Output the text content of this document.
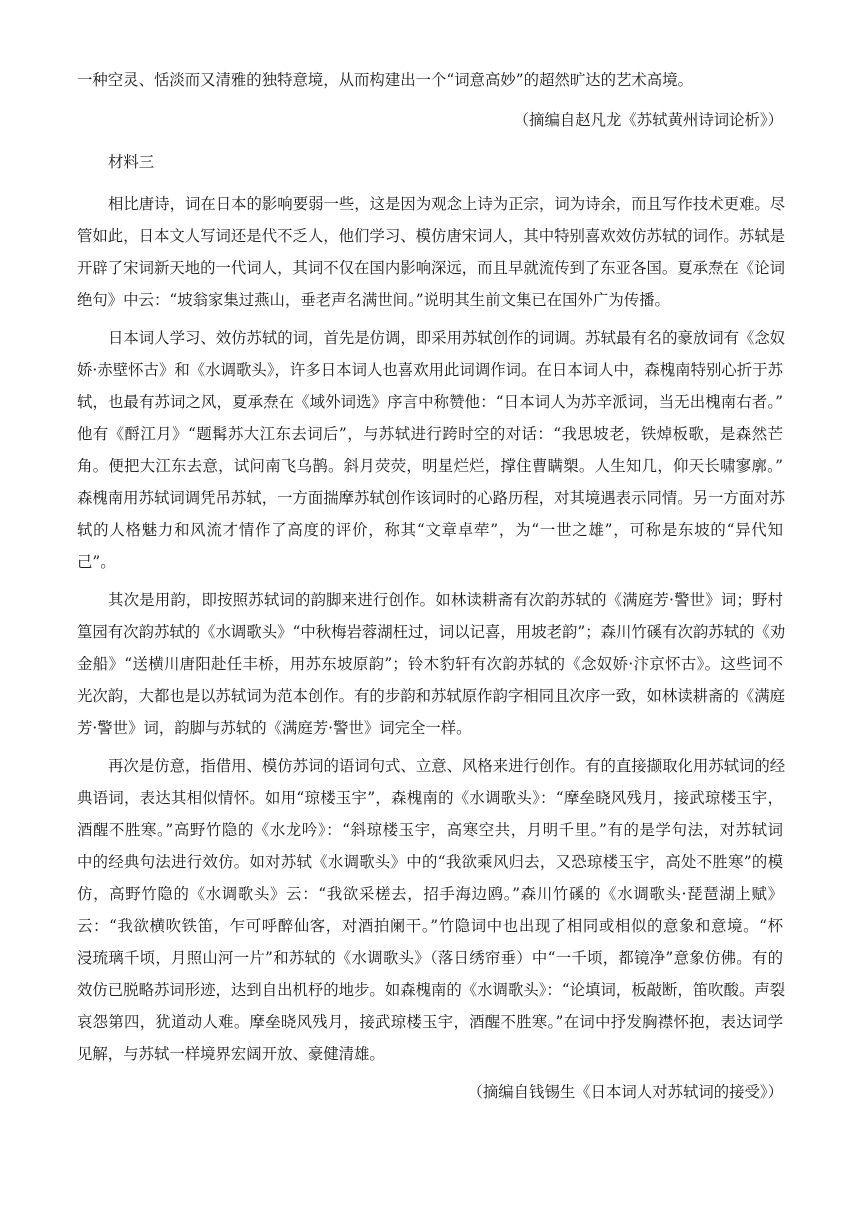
一种空灵、恬淡而又清雅的独特意境，从而构建出一个“词意高妙”的超然旷达的艺术高境。
（摘编自赵凡龙《苏轼黄州诗词论析》）
材料三
相比唐诗，词在日本的影响要弱一些，这是因为观念上诗为正宗，词为诗余，而且写作技术更难。尽
管如此，日本文人写词还是代不乏人，他们学习、模仿唐宋词人，其中特别喜欢效仿苏轼的词作。苏轼是
开辟了宋词新天地的一代词人，其词不仅在国内影响深远，而且早就流传到了东亚各国。夏承焘在《论词
绝句》中云：“坡翁家集过燕山，垂老声名满世间。”说明其生前文集已在国外广为传播。
日本词人学习、效仿苏轼的词，首先是仿调，即采用苏轼创作的词调。苏轼最有名的豪放词有《念奴
娇·赤壁怀古》和《水调歌头》，许多日本词人也喜欢用此词调作词。在日本词人中，森槐南特别心折于苏
轼，也最有苏词之风，夏承焘在《域外词选》序言中称赞他：“日本词人为苏辛派词，当无出槐南右者。”
他有《酹江月》“题髯苏大江东去词后”，与苏轼进行跨时空的对话：“我思坡老，铁焯板歌，是森然芒
角。便把大江东去意，试问南飞乌鹊。斜月荧荧，明星烂烂，撑住曹瞒槊。人生知几，仰天长啸寥廓。”
森槐南用苏轼词调凭吊苏轼，一方面揣摩苏轼创作该词时的心路历程，对其境遇表示同情。另一方面对苏
轼的人格魅力和风流才情作了高度的评价，称其“文章卓荦”，为“一世之雄”，可称是东坡的“异代知
己”。
其次是用韵，即按照苏轼词的韵脚来进行创作。如林读耕斋有次韵苏轼的《满庭芳·警世》词；野村
篁园有次韵苏轼的《水调歌头》“中秋梅岩蓉湖枉过，词以记喜，用坡老韵”；森川竹磎有次韵苏轼的《劝
金船》“送横川唐阳赴任丰桥，用苏东坡原韵”；铃木豹轩有次韵苏轼的《念奴娇·汴京怀古》。这些词不
光次韵，大都也是以苏轼词为范本创作。有的步韵和苏轼原作韵字相同且次序一致，如林读耕斋的《满庭
芳·警世》词，韵脚与苏轼的《满庭芳·警世》词完全一样。
再次是仿意，指借用、模仿苏词的语词句式、立意、风格来进行创作。有的直接撷取化用苏轼词的经
典语词，表达其相似情怀。如用“琼楼玉宇”，森槐南的《水调歌头》：“摩垒晓风残月，接武琼楼玉宇，
酒醒不胜寒。”高野竹隐的《水龙吟》：“斜琼楼玉宇，高寒空共，月明千里。”有的是学句法，对苏轼词
中的经典句法进行效仿。如对苏轼《水调歌头》中的“我欲乘风归去，又恐琼楼玉宇，高处不胜寒”的模
仿，高野竹隐的《水调歌头》云：“我欲采槎去，招手海边鸥。”森川竹磎的《水调歌头·琵琶湖上赋》
云：“我欲横吹铁笛，乍可呼醉仙客，对酒拍阑干。”竹隐词中也出现了相同或相似的意象和意境。“杯
浸琉璃千顷，月照山河一片”和苏轼的《水调歌头》（落日绣帘垂）中“一千顷，都镜净”意象仿佛。有的
效仿已脱略苏词形迹，达到自出机杼的地步。如森槐南的《水调歌头》：“论填词，板敲断，笛吹酸。声裂
哀怨第四，犹道动人难。摩垒晓风残月，接武琼楼玉宇，酒醒不胜寒。”在词中抒发胸襟怀抱，表达词学
见解，与苏轼一样境界宏阔开放、豪健清雄。
（摘编自钱锡生《日本词人对苏轼词的接受》）
